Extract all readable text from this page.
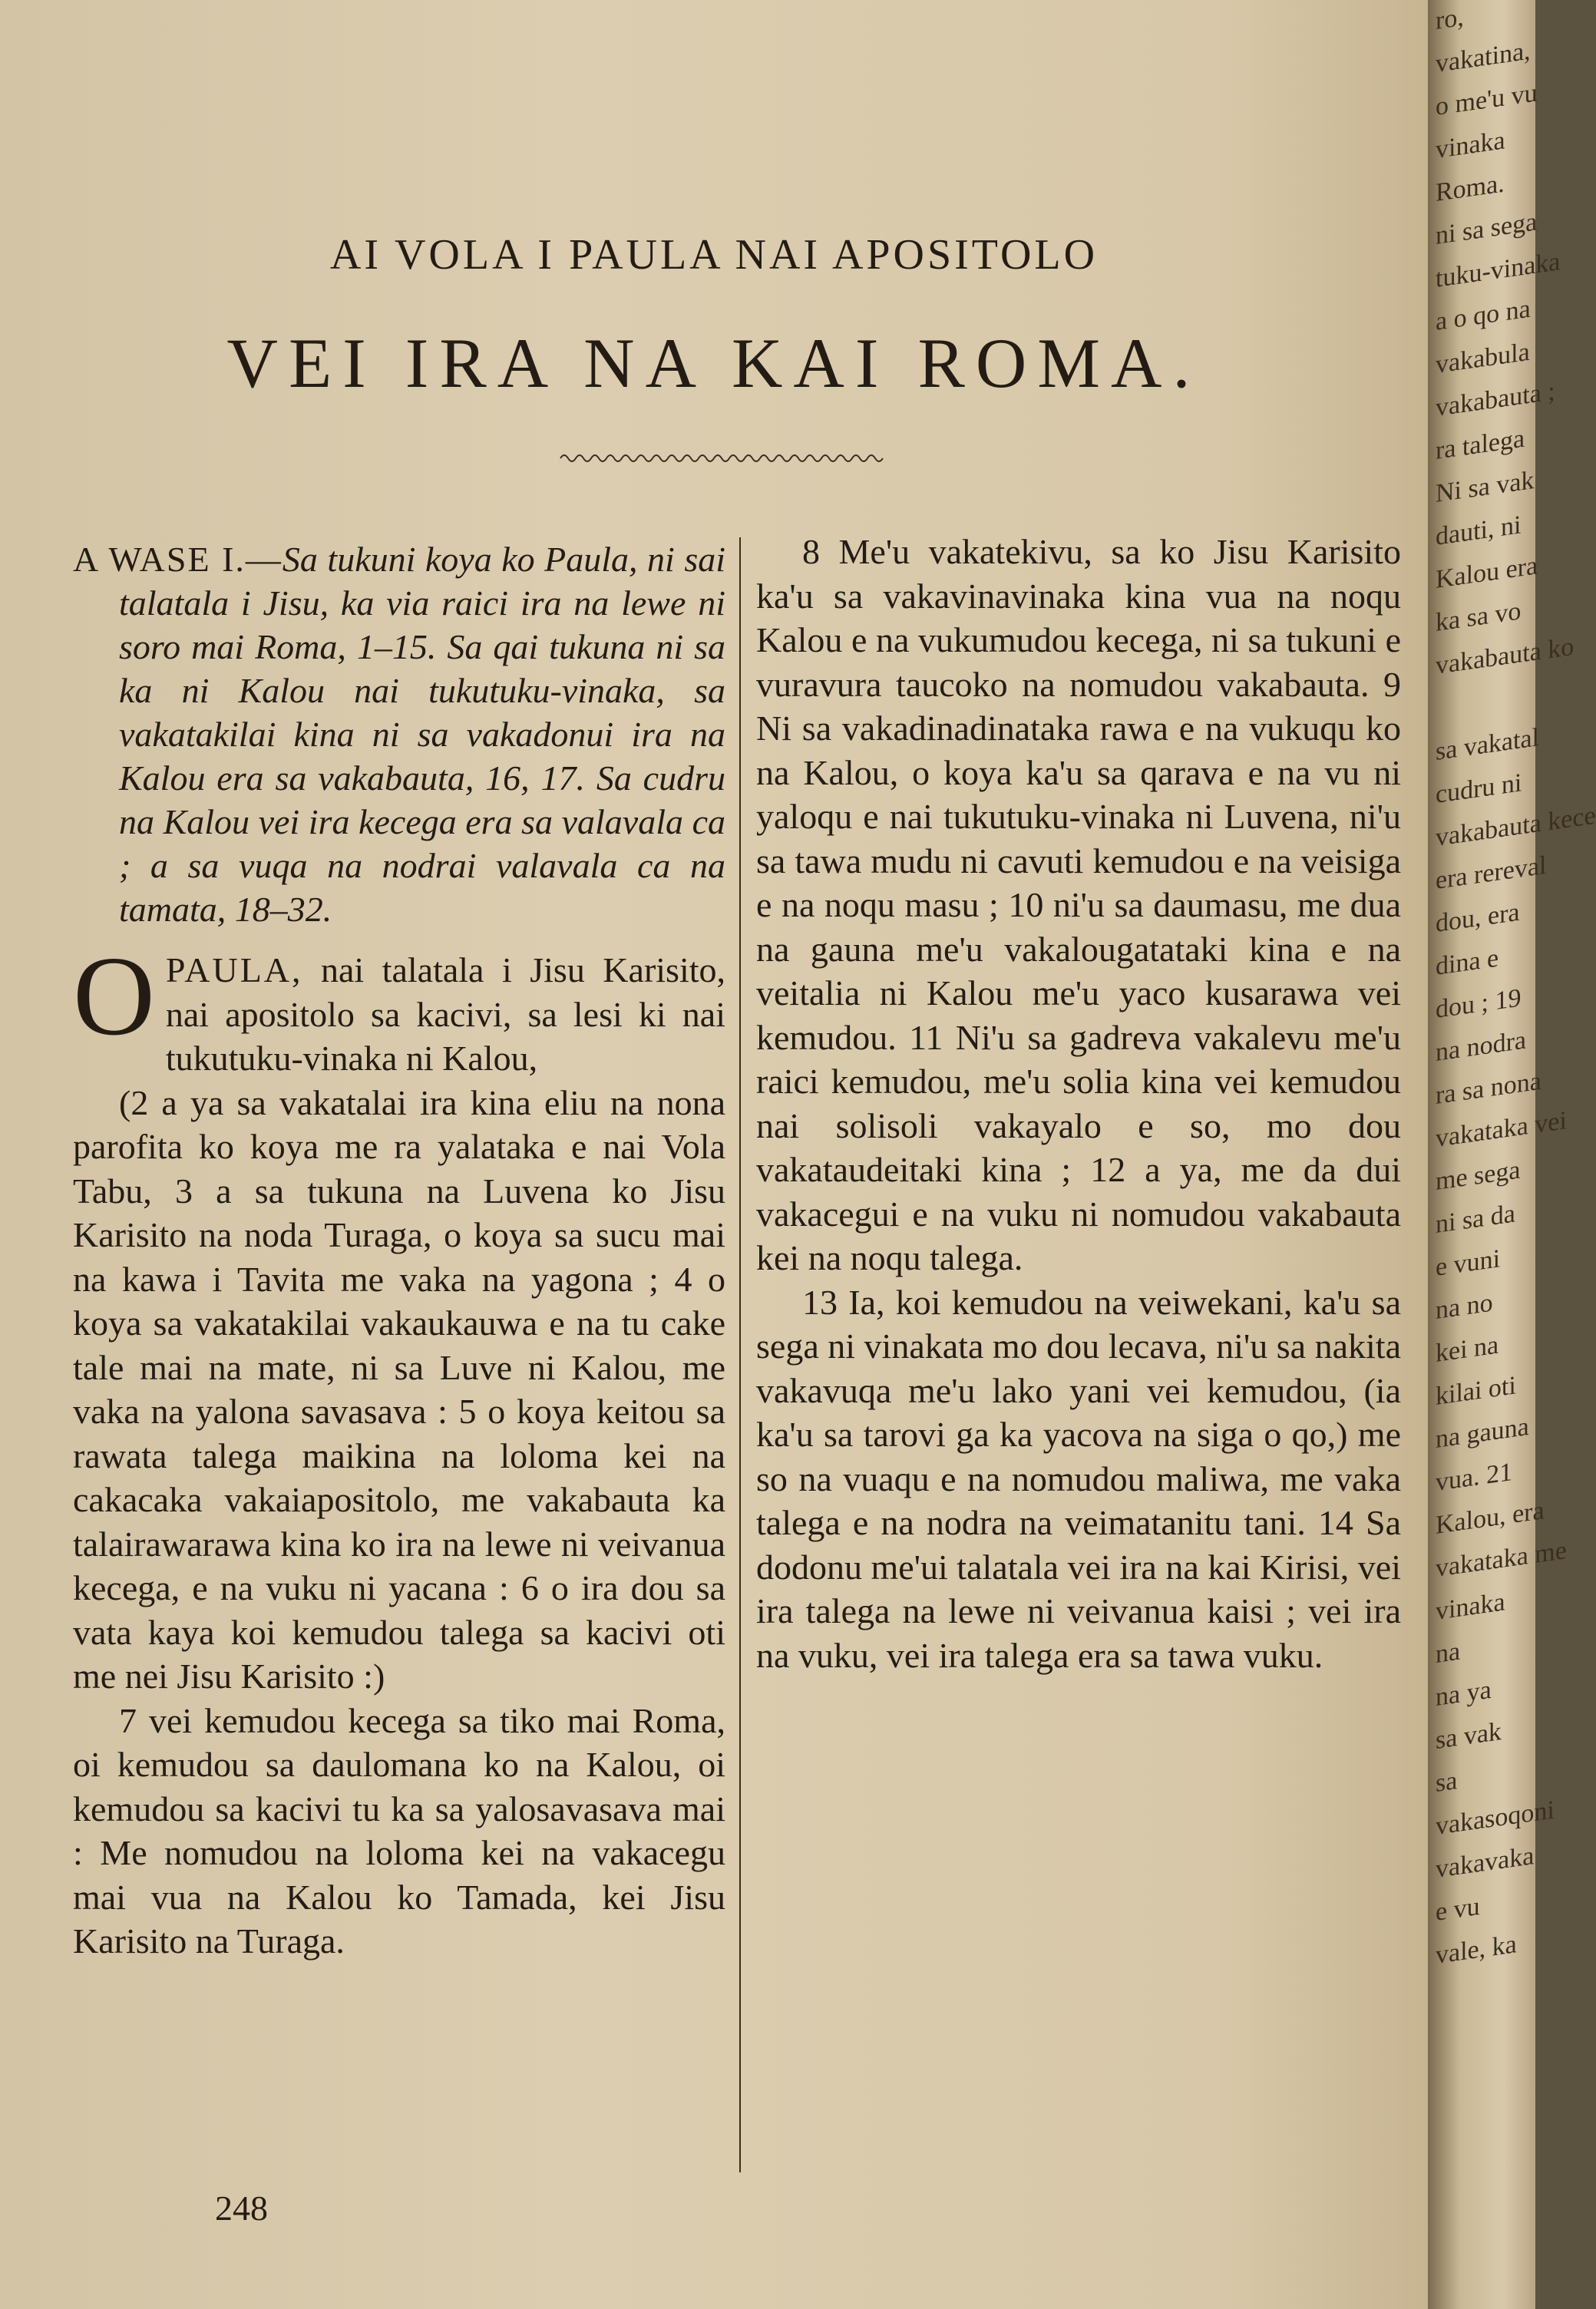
AI VOLA I PAULA NAI APOSITOLO
VEI IRA NA KAI ROMA.

A WASE I.—Sa tukuni koya ko Paula, ni sai talatala i Jisu, ka via raici ira na lewe ni soro mai Roma, 1–15. Sa qai tukuna ni sa ka ni Kalou nai tukutuku-vinaka, sa vakatakilai kina ni sa vakadonui ira na Kalou era sa vakabauta, 16, 17. Sa cudru na Kalou vei ira kecega era sa valavala ca ; a sa vuqa na nodrai valavala ca na tamata, 18–32.

OPAULA, nai talatala i Jisu Karisito, nai apositolo sa kacivi, sa lesi ki nai tukutuku-vinaka ni Kalou,

(2 a ya sa vakatalai ira kina eliu na nona parofita ko koya me ra yalataka e nai Vola Tabu, 3 a sa tukuna na Luvena ko Jisu Karisito na noda Turaga, o koya sa sucu mai na kawa i Tavita me vaka na yagona ; 4 o koya sa vakatakilai vakaukauwa e na tu cake tale mai na mate, ni sa Luve ni Kalou, me vaka na yalona savasava : 5 o koya keitou sa rawata talega maikina na loloma kei na cakacaka vakaiapositolo, me vakabauta ka talairawarawa kina ko ira na lewe ni veivanua kecega, e na vuku ni yacana : 6 o ira dou sa vata kaya koi kemudou talega sa kacivi oti me nei Jisu Karisito :)

7 vei kemudou kecega sa tiko mai Roma, oi kemudou sa daulomana ko na Kalou, oi kemudou sa kacivi tu ka sa yalosavasava mai : Me nomudou na loloma kei na vakacegu mai vua na Kalou ko Tamada, kei Jisu Karisito na Turaga.

8 Me'u vakatekivu, sa ko Jisu Karisito ka'u sa vakavinavinaka kina vua na noqu Kalou e na vukumudou kecega, ni sa tukuni e vuravura taucoko na nomudou vakabauta. 9 Ni sa vakadinadinataka rawa e na vukuqu ko na Kalou, o koya ka'u sa qarava e na vu ni yaloqu e nai tukutuku-vinaka ni Luvena, ni'u sa tawa mudu ni cavuti kemudou e na veisiga e na noqu masu ; 10 ni'u sa daumasu, me dua na gauna me'u vakalougatataki kina e na veitalia ni Kalou me'u yaco kusarawa vei kemudou. 11 Ni'u sa gadreva vakalevu me'u raici kemudou, me'u solia kina vei kemudou nai solisoli vakayalo e so, mo dou vakataudeitaki kina ; 12 a ya, me da dui vakacegui e na vuku ni nomudou vakabauta kei na noqu talega.

13 Ia, koi kemudou na veiwekani, ka'u sa sega ni vinakata mo dou lecava, ni'u sa nakita vakavuqa me'u lako yani vei kemudou, (ia ka'u sa tarovi ga ka yacova na siga o qo,) me so na vuaqu e na nomudou maliwa, me vaka talega e na nodra na veimatanitu tani. 14 Sa dodonu me'ui talatala vei ira na kai Kirisi, vei ira talega na lewe ni veivanua kaisi ; vei ira na vuku, vei ira talega era sa tawa vuku.

248
ro,
vakatina,
o me'u vu
vinaka
Roma.
ni sa sega
tuku-vinaka
a o qo na
vakabula
vakabauta ;
ra talega
Ni sa vak
dauti, ni
Kalou era
ka sa vo
vakabauta ko
sa vakatal
cudru ni
vakabauta kece
era rereval
dou, era
dina e
dou ; 19
na nodra
ra sa nona
vakataka vei
me sega
ni sa da
e vuni
na no
kei na
kilai oti
na gauna
vua. 21
Kalou, era
vakataka me
vinaka
na
na ya
sa vak
sa
vakasoqoni
vakavaka
e vu
vale, ka
